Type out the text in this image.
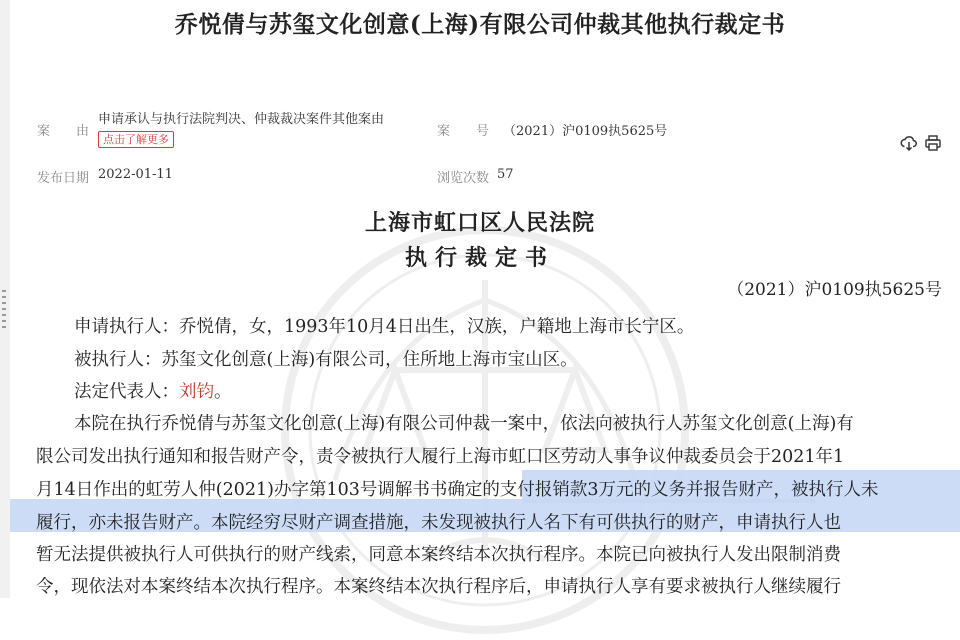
乔悦倩与苏玺文化创意(上海)有限公司仲裁其他执行裁定书
案　　由
申请承认与执行法院判决、仲裁裁决案件其他案由
点击了解更多
案　　号 （2021）沪0109执5625号
发布日期 2022-01-11	浏览次数 57
上海市虹口区人民法院
执行裁定书
（2021）沪0109执5625号
申请执行人：乔悦倩，女，1993年10月4日出生，汉族，户籍地上海市长宁区。
被执行人：苏玺文化创意(上海)有限公司，住所地上海市宝山区。
法定代表人：刘钧。
本院在执行乔悦倩与苏玺文化创意(上海)有限公司仲裁一案中，依法向被执行人苏玺文化创意(上海)有
限公司发出执行通知和报告财产令，责令被执行人履行上海市虹口区劳动人事争议仲裁委员会于2021年1
月14日作出的虹劳人仲(2021)办字第103号调解书书确定的支付报销款3万元的义务并报告财产，被执行人未
履行，亦未报告财产。本院经穷尽财产调查措施，未发现被执行人名下有可供执行的财产，申请执行人也
暂无法提供被执行人可供执行的财产线索，同意本案终结本次执行程序。本院已向被执行人发出限制消费
令，现依法对本案终结本次执行程序。本案终结本次执行程序后，申请执行人享有要求被执行人继续履行
